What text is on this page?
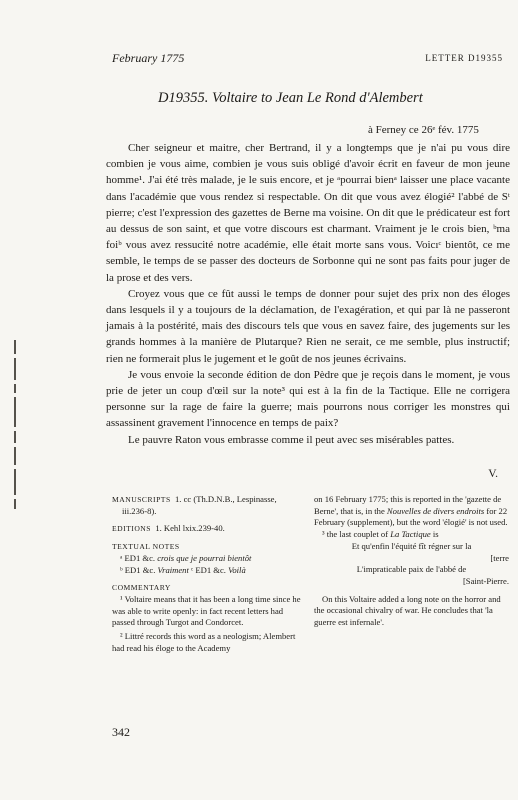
February 1775	LETTER D19355
D19355. Voltaire to Jean Le Rond d'Alembert
à Ferney ce 26ᵉ fév. 1775

Cher seigneur et maitre, cher Bertrand, il y a longtemps que je n'ai pu vous dire combien je vous aime, combien je vous suis obligé d'avoir écrit en faveur de mon jeune homme¹. J'ai été très malade, je le suis encore, et je ᵃpourrai bienᵃ laisser une place vacante dans l'académie que vous rendez si respectable. On dit que vous avez élogié² l'abbé de Sᵗ pierre; c'est l'expression des gazettes de Berne ma voisine. On dit que le prédicateur est fort au dessus de son saint, et que votre discours est charmant. Vraiment je le crois bien, ᵇma foiᵇ vous avez ressucité notre académie, elle était morte sans vous. Voicıᶜ bientôt, ce me semble, le temps de se passer des docteurs de Sorbonne qui ne sont pas faits pour juger de la prose et des vers.

Croyez vous que ce fût aussi le temps de donner pour sujet des prix non des éloges dans lesquels il y a toujours de la déclamation, de l'exagération, et qui par là ne passeront jamais à la postérité, mais des discours tels que vous en savez faire, des jugements sur les grands hommes à la manière de Plutarque? Rien ne serait, ce me semble, plus instructif; rien ne formerait plus le jugement et le goût de nos jeunes écrivains.

Je vous envoie la seconde édition de don Pèdre que je reçois dans le moment, je vous prie de jeter un coup d'œil sur la note³ qui est à la fin de la Tactique. Elle ne corrigera personne sur la rage de faire la guerre; mais pourrons nous corriger les monstres qui assassinent gravement l'innocence en temps de paix?

Le pauvre Raton vous embrasse comme il peut avec ses misérables pattes.

V.

MANUSCRIPTS 1. cc (Th.D.N.B., Lespinasse, iii.236-8).

EDITIONS 1. Kehl lxix.239-40.

TEXTUAL NOTES

ᵃ ED1 &c. crois que je pourrai bientôt

ᵇ ED1 &c. Vraiment ᶜ ED1 &c. Voilà

COMMENTARY

¹ Voltaire means that it has been a long time since he was able to write openly: in fact recent letters had passed through Turgot and Condorcet.

² Littré records this word as a neologism; Alembert had read his éloge to the Academy

on 16 February 1775; this is reported in the 'gazette de Berne', that is, in the Nouvelles de divers endroits for 22 February (supplement), but the word 'élogié' is not used.

³ the last couplet of La Tactique is

Et qu'enfin l'équité fît régner sur la

[terre

L'impraticable paix de l'abbé de

[Saint-Pierre.

On this Voltaire added a long note on the horror and the occasional chivalry of war. He concludes that 'la guerre est infernale'.

342
